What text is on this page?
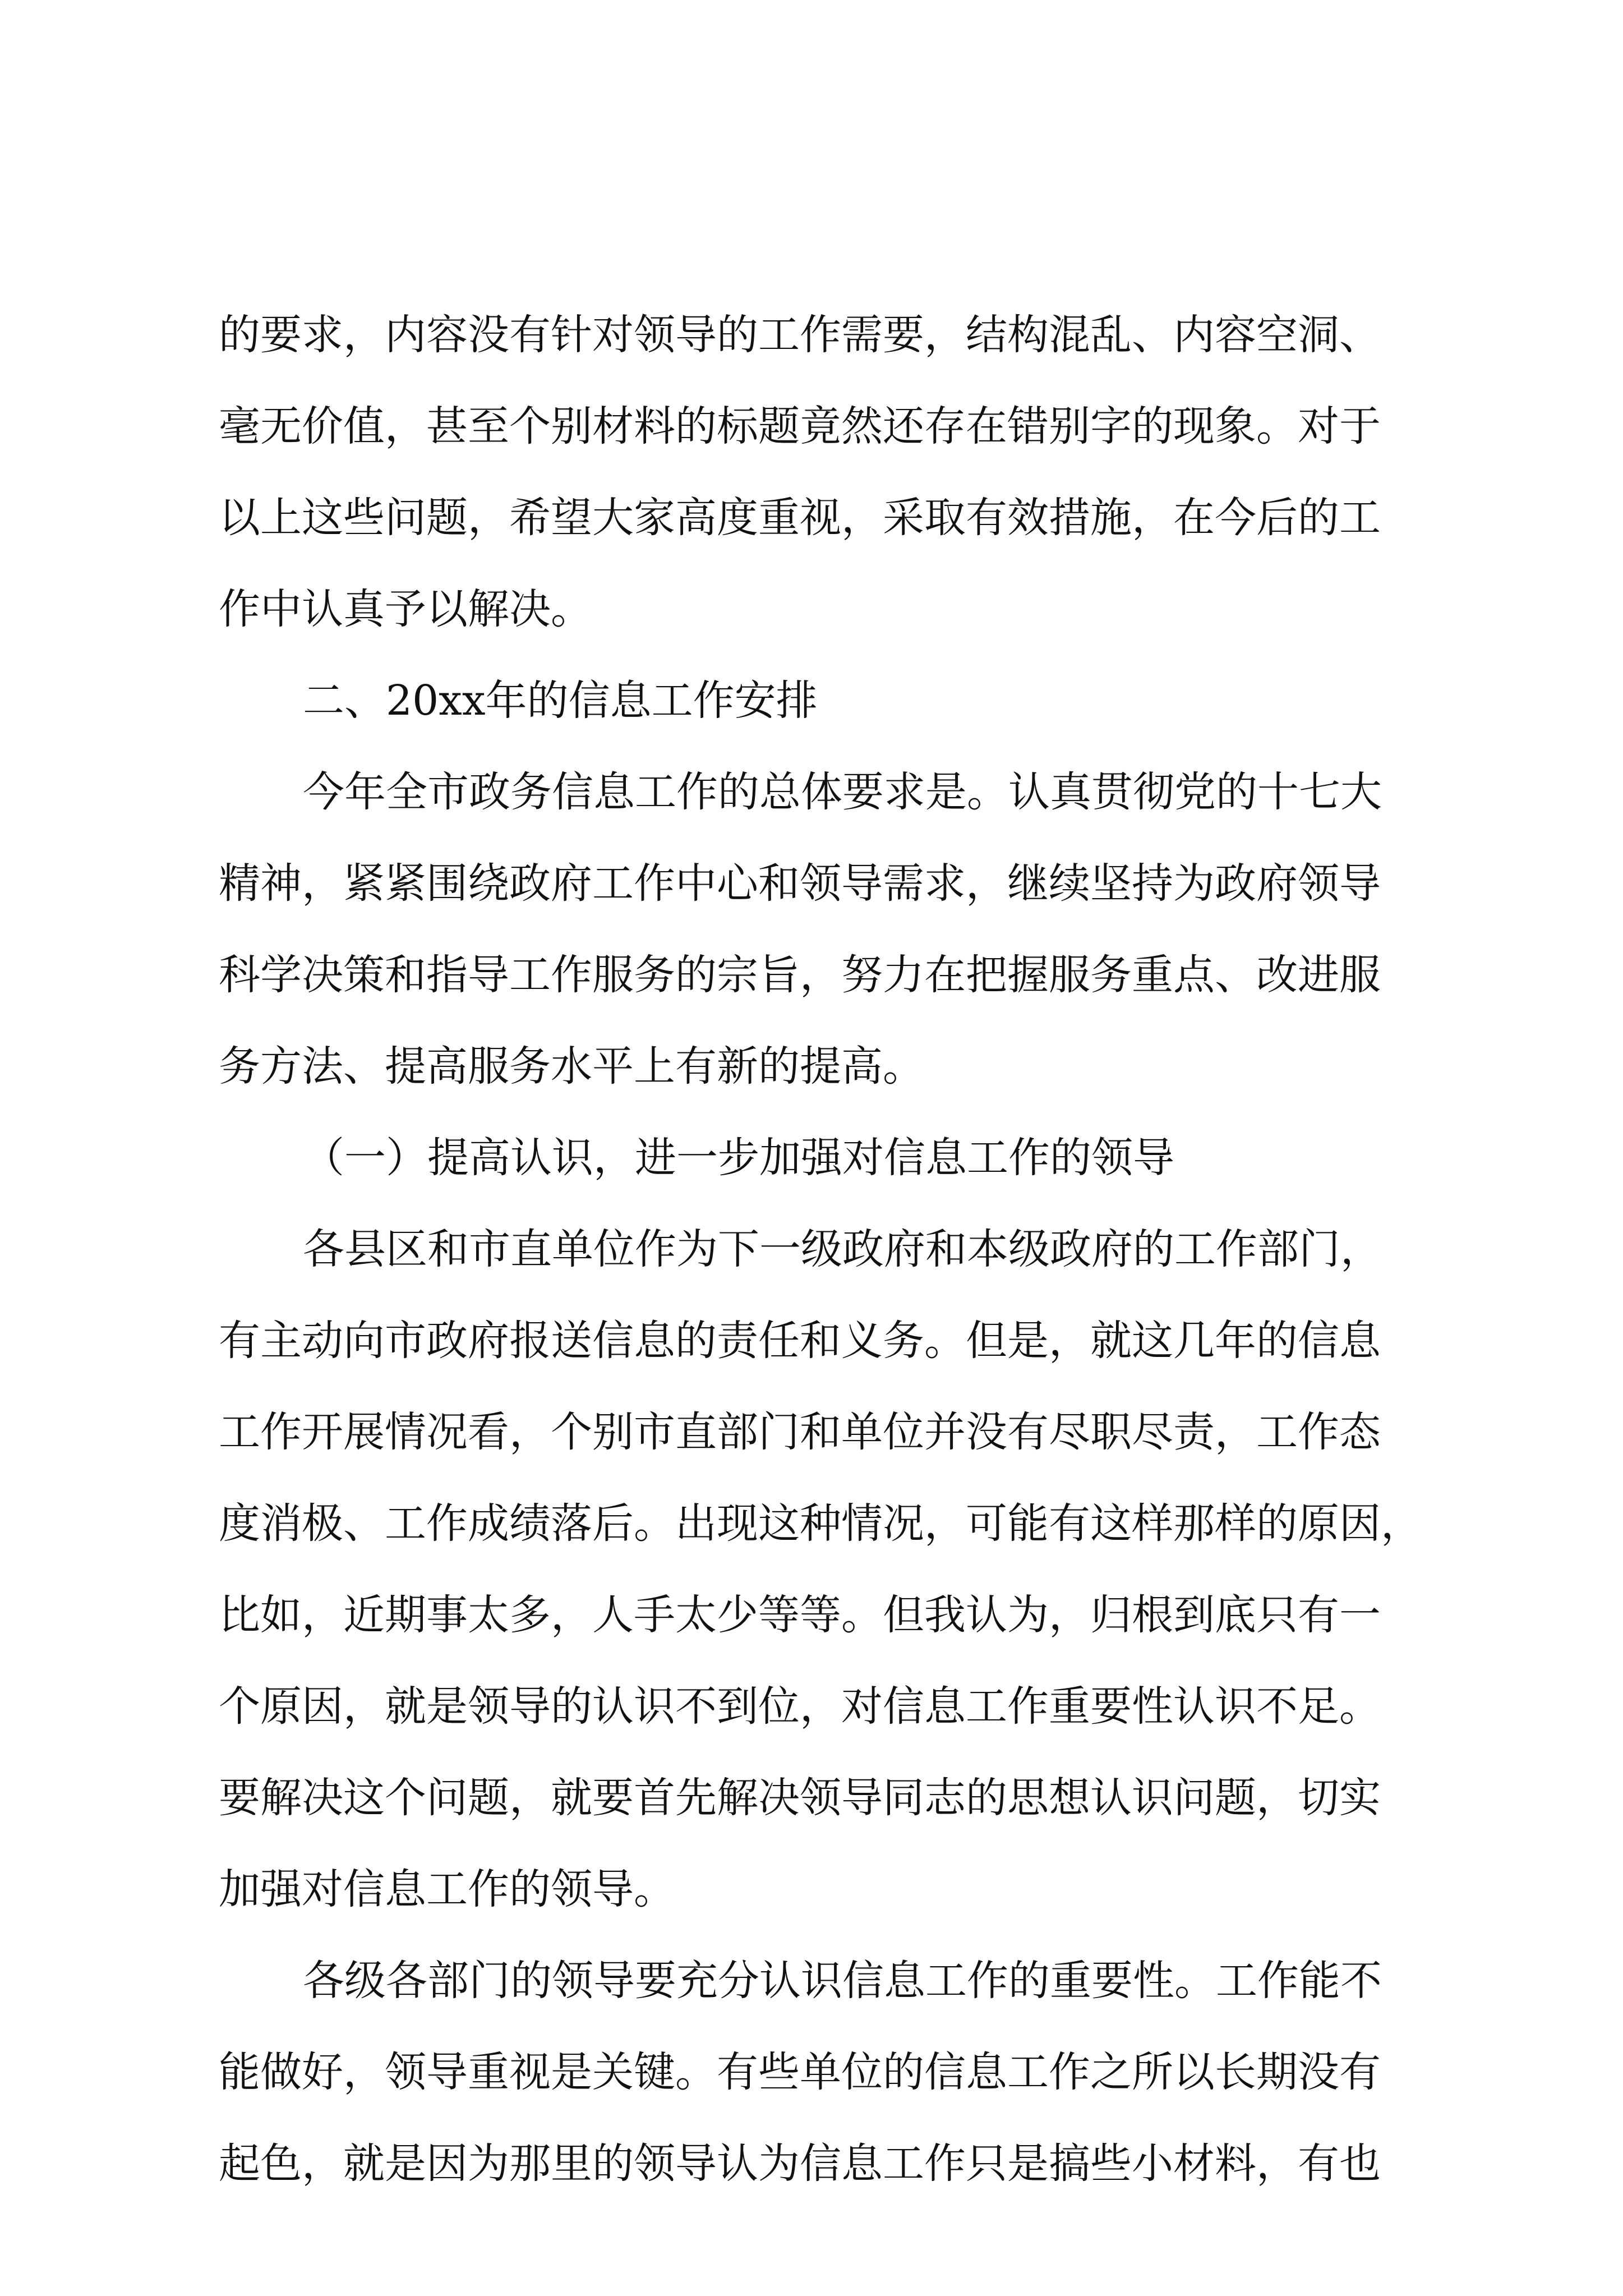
的要求，内容没有针对领导的工作需要，结构混乱、内容空洞、
毫无价值，甚至个别材料的标题竟然还存在错别字的现象。对于
以上这些问题，希望大家高度重视，采取有效措施，在今后的工
作中认真予以解决。
二、20xx年的信息工作安排
今年全市政务信息工作的总体要求是。认真贯彻党的十七大
精神，紧紧围绕政府工作中心和领导需求，继续坚持为政府领导
科学决策和指导工作服务的宗旨，努力在把握服务重点、改进服
务方法、提高服务水平上有新的提高。
（一）提高认识，进一步加强对信息工作的领导
各县区和市直单位作为下一级政府和本级政府的工作部门，
有主动向市政府报送信息的责任和义务。但是，就这几年的信息
工作开展情况看，个别市直部门和单位并没有尽职尽责，工作态
度消极、工作成绩落后。出现这种情况，可能有这样那样的原因，
比如，近期事太多，人手太少等等。但我认为，归根到底只有一
个原因，就是领导的认识不到位，对信息工作重要性认识不足。
要解决这个问题，就要首先解决领导同志的思想认识问题，切实
加强对信息工作的领导。
各级各部门的领导要充分认识信息工作的重要性。工作能不
能做好，领导重视是关键。有些单位的信息工作之所以长期没有
起色，就是因为那里的领导认为信息工作只是搞些小材料，有也
